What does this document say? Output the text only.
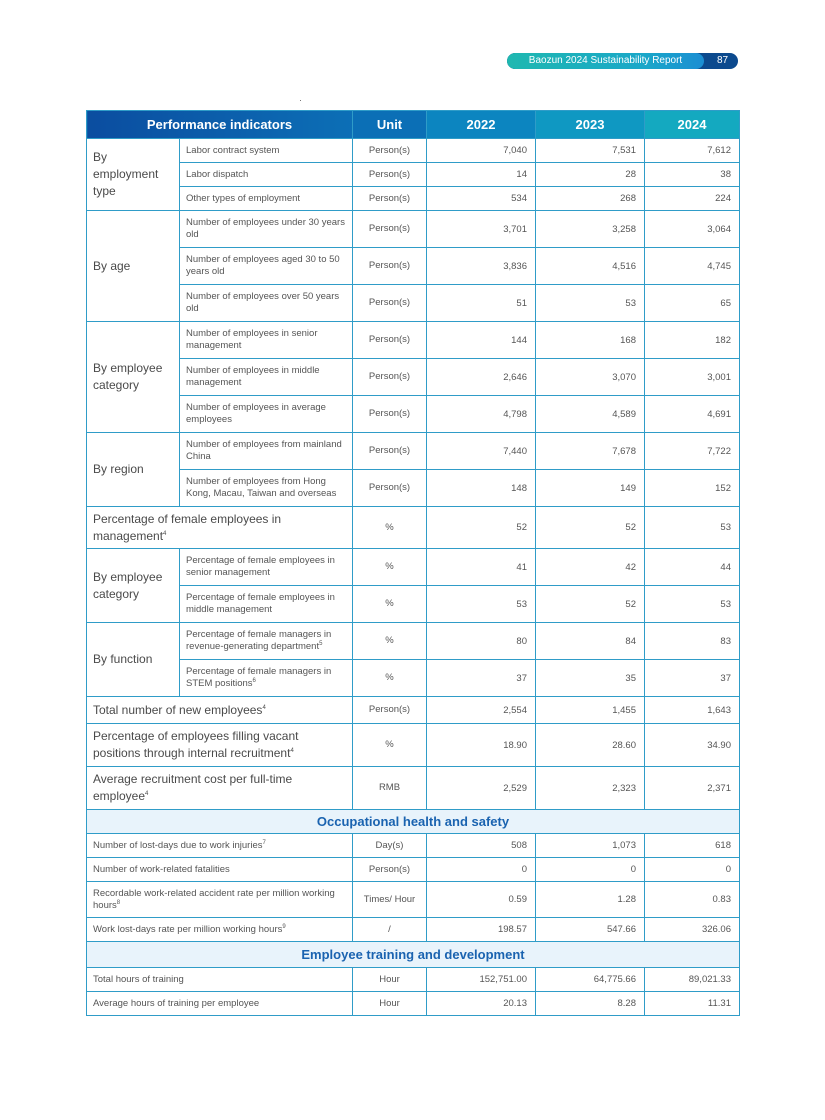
Baozun 2024 Sustainability Report	87
Performance indicators		Unit	2022	2023	2024
By employment type	Labor contract system	Person(s)	7,040	7,531	7,612
	Labor dispatch	Person(s)	14	28	38
	Other types of employment	Person(s)	534	268	224
By age	Number of employees under 30 years old	Person(s)	3,701	3,258	3,064
	Number of employees aged 30 to 50 years old	Person(s)	3,836	4,516	4,745
	Number of employees over 50 years old	Person(s)	51	53	65
By employee category	Number of employees in senior management	Person(s)	144	168	182
	Number of employees in middle management	Person(s)	2,646	3,070	3,001
	Number of employees in average employees	Person(s)	4,798	4,589	4,691
By region	Number of employees from mainland China	Person(s)	7,440	7,678	7,722
	Number of employees from Hong Kong, Macau, Taiwan and overseas	Person(s)	148	149	152
Percentage of female employees in management$^4$		%	52	52	53
By employee category	Percentage of female employees in senior management	%	41	42	44
	Percentage of female employees in middle management	%	53	52	53
By function	Percentage of female managers in revenue-generating department$^5$	%	80	84	83
	Percentage of female managers in STEM positions$^6$	%	37	35	37
Total number of new employees$^4$		Person(s)	2,554	1,455	1,643
Percentage of employees filling vacant positions through internal recruitment$^4$		%	18.90	28.60	34.90
Average recruitment cost per full-time employee$^4$		RMB	2,529	2,323	2,371
Occupational health and safety					
Number of lost-days due to work injuries$^7$		Day(s)	508	1,073	618
Number of work-related fatalities		Person(s)	0	0	0
Recordable work-related accident rate per million working hours$^8$		Times/ Hour	0.59	1.28	0.83
Work lost-days rate per million working hours$^9$		/	198.57	547.66	326.06
Employee training and development					
Total hours of training		Hour	152,751.00	64,775.66	89,021.33
Average hours of training per employee		Hour	20.13	8.28	11.31
